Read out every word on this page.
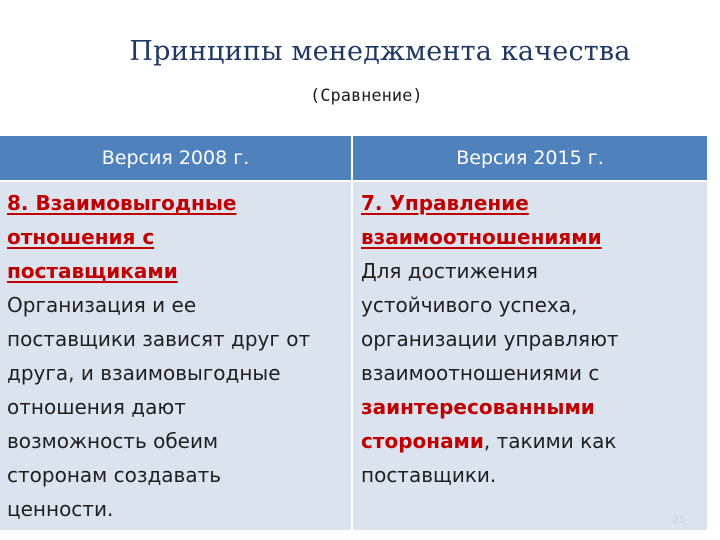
Принципы менеджмента качества
(Сравнение)
Версия 2008 г.	Версия 2015 г.
8. Взаимовыгодные
отношения с
поставщиками
Организация и ее
поставщики зависят друг от
друга, и взаимовыгодные
отношения дают
возможность обеим
сторонам создавать
ценности.
7. Управление
взаимоотношениями
Для достижения
устойчивого успеха,
организации управляют
взаимоотношениями с
заинтересованными
сторонами, такими как
поставщики.
25
